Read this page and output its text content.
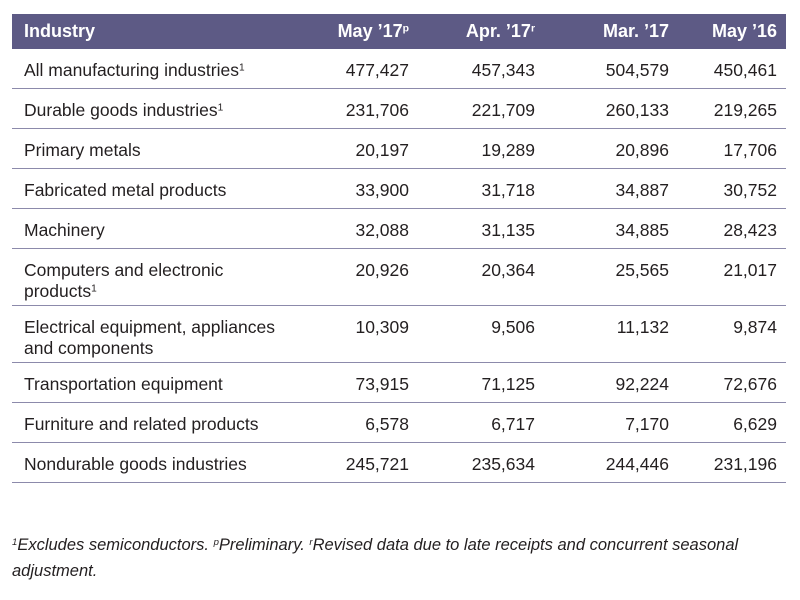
Industry	May ’17$^p$	Apr. ’17$^r$	Mar. ’17	May ’16
All manufacturing industries$^1$	477,427	457,343	504,579	450,461
Durable goods industries$^1$	231,706	221,709	260,133	219,265
Primary metals	20,197	19,289	20,896	17,706
Fabricated metal products	33,900	31,718	34,887	30,752
Machinery	32,088	31,135	34,885	28,423
Computers and electronic products$^1$	20,926	20,364	25,565	21,017
Electrical equipment, appliances and components	10,309	9,506	11,132	9,874
Transportation equipment	73,915	71,125	92,224	72,676
Furniture and related products	6,578	6,717	7,170	6,629
Nondurable goods industries	245,721	235,634	244,446	231,196
$^1$Excludes semiconductors. $^p$Preliminary. $^r$Revised data due to late receipts and concurrent seasonal adjustment.
